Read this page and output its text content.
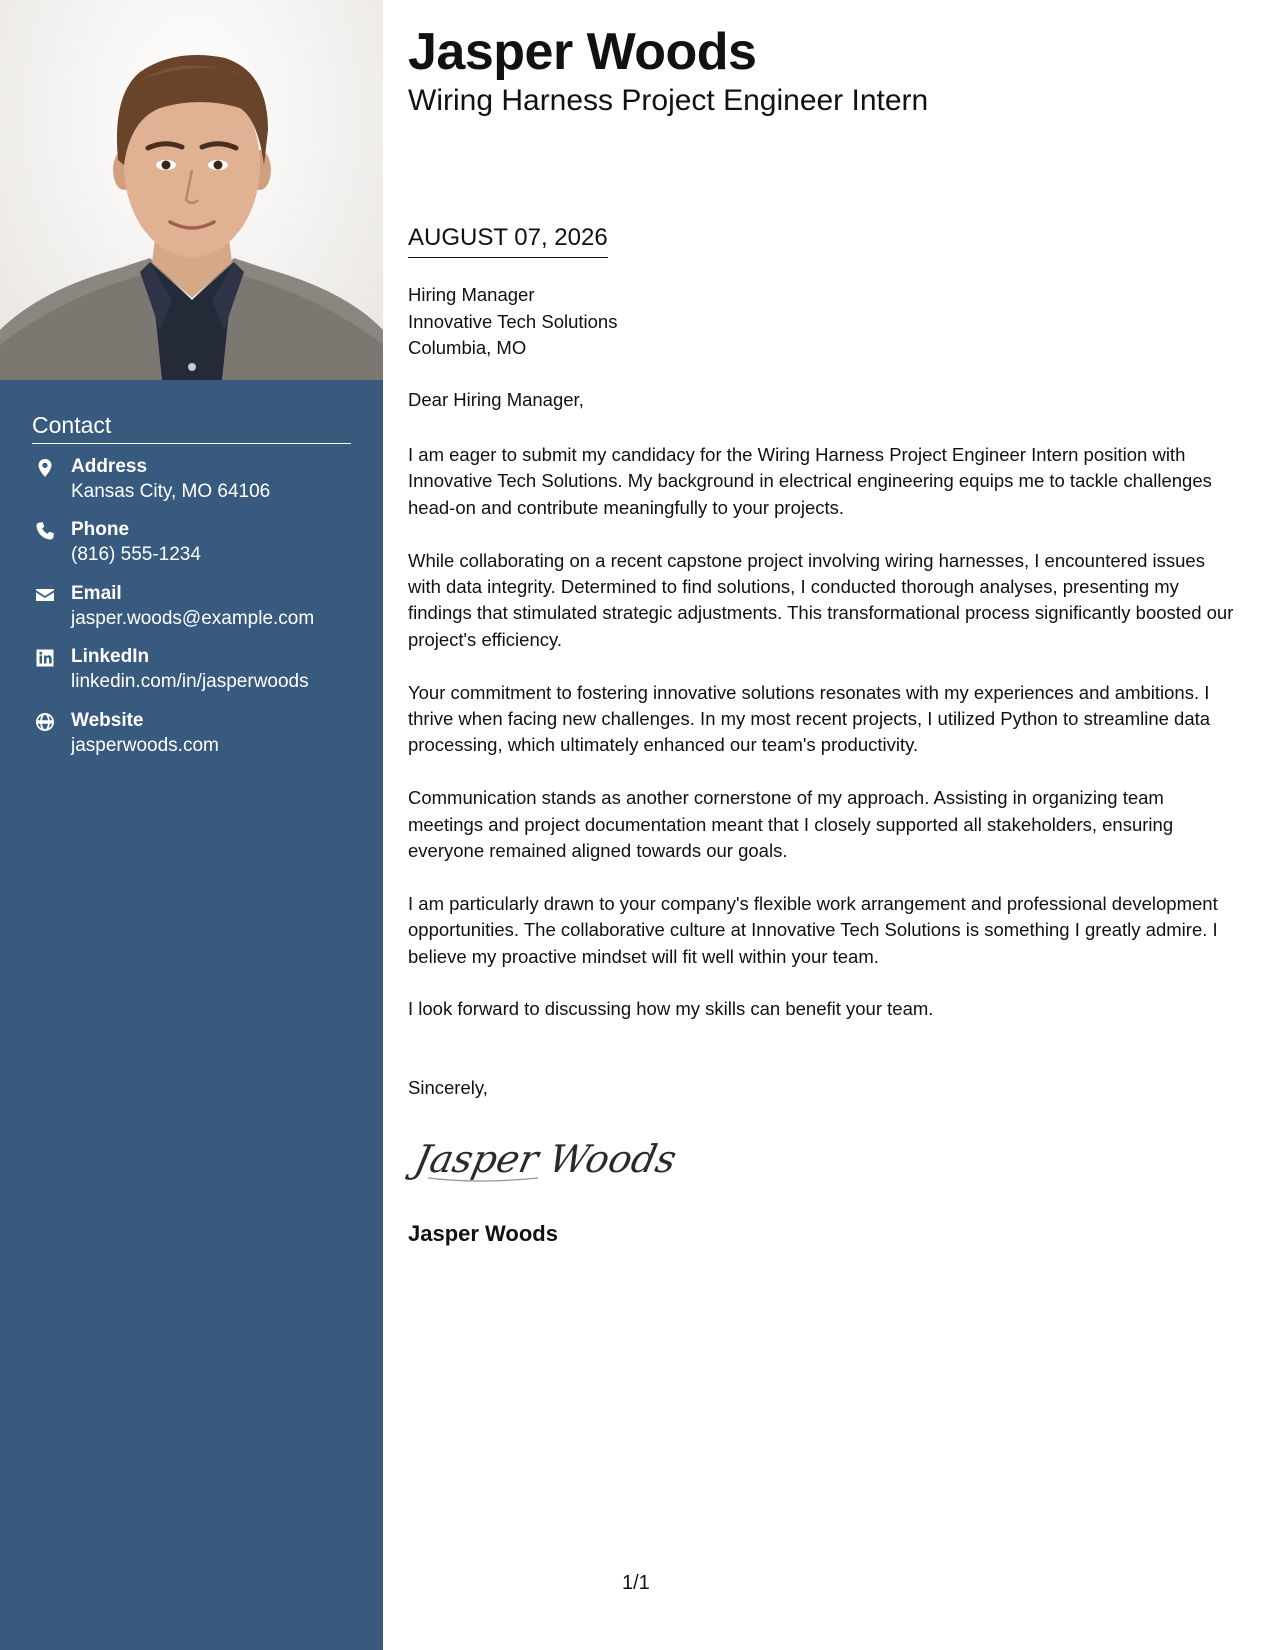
Contact
Address
Kansas City, MO 64106
Phone
(816) 555-1234
Email
jasper.woods@example.com
LinkedIn
linkedin.com/in/jasperwoods
Website
jasperwoods.com
Jasper Woods
Wiring Harness Project Engineer Intern
AUGUST 07, 2026
Hiring Manager
Innovative Tech Solutions
Columbia, MO
Dear Hiring Manager,

I am eager to submit my candidacy for the Wiring Harness Project Engineer Intern position with Innovative Tech Solutions. My background in electrical engineering equips me to tackle challenges head-on and contribute meaningfully to your projects.

While collaborating on a recent capstone project involving wiring harnesses, I encountered issues with data integrity. Determined to find solutions, I conducted thorough analyses, presenting my findings that stimulated strategic adjustments. This transformational process significantly boosted our project's efficiency.

Your commitment to fostering innovative solutions resonates with my experiences and ambitions. I thrive when facing new challenges. In my most recent projects, I utilized Python to streamline data processing, which ultimately enhanced our team's productivity.

Communication stands as another cornerstone of my approach. Assisting in organizing team meetings and project documentation meant that I closely supported all stakeholders, ensuring everyone remained aligned towards our goals.

I am particularly drawn to your company's flexible work arrangement and professional development opportunities. The collaborative culture at Innovative Tech Solutions is something I greatly admire. I believe my proactive mindset will fit well within your team.

I look forward to discussing how my skills can benefit your team.

Sincerely,
Jasper Woods
Jasper Woods
1/1
